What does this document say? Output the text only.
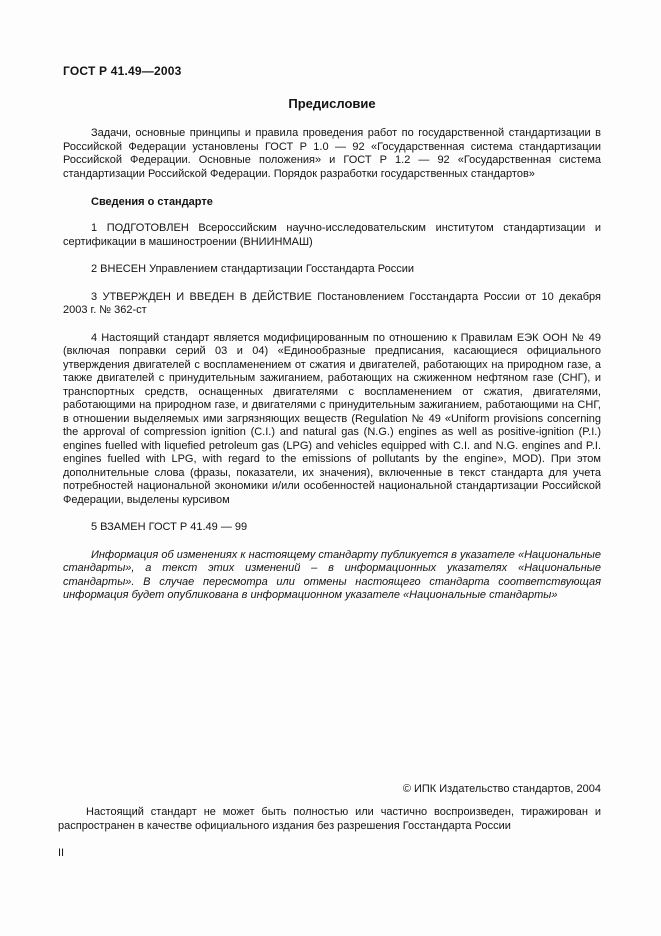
ГОСТ Р 41.49—2003
Предисловие

Задачи, основные принципы и правила проведения работ по государственной стандартизации в Российской Федерации установлены ГОСТ Р 1.0 — 92 «Государственная система стандартизации Российской Федерации. Основные положения» и ГОСТ Р 1.2 — 92 «Государственная система стандартизации Российской Федерации. Порядок разработки государственных стандартов»

Сведения о стандарте

1 ПОДГОТОВЛЕН Всероссийским научно-исследовательским институтом стандартизации и сертификации в машиностроении (ВНИИНМАШ)

2 ВНЕСЕН Управлением стандартизации Госстандарта России

3 УТВЕРЖДЕН И ВВЕДЕН В ДЕЙСТВИЕ Постановлением Госстандарта России от 10 декабря 2003 г. № 362-ст

4 Настоящий стандарт является модифицированным по отношению к Правилам ЕЭК ООН № 49 (включая поправки серий 03 и 04) «Единообразные предписания, касающиеся официального утверждения двигателей с воспламенением от сжатия и двигателей, работающих на природном газе, а также двигателей с принудительным зажиганием, работающих на сжиженном нефтяном газе (СНГ), и транспортных средств, оснащенных двигателями с воспламенением от сжатия, двигателями, работающими на природном газе, и двигателями с принудительным зажиганием, работающими на СНГ, в отношении выделяемых ими загрязняющих веществ (Regulation № 49 «Uniform provisions concerning the approval of compression ignition (C.I.) and natural gas (N.G.) engines as well as positive-ignition (P.I.) engines fuelled with liquefied petroleum gas (LPG) and vehicles equipped with C.I. and N.G. engines and P.I. engines fuelled with LPG, with regard to the emissions of pollutants by the engine», MOD). При этом дополнительные слова (фразы, показатели, их значения), включенные в текст стандарта для учета потребностей национальной экономики и/или особенностей национальной стандартизации Российской Федерации, выделены курсивом

5 ВЗАМЕН ГОСТ Р 41.49 — 99

Информация об изменениях к настоящему стандарту публикуется в указателе «Национальные стандарты», а текст этих изменений – в информационных указателях «Национальные стандарты». В случае пересмотра или отмены настоящего стандарта соответствующая информация будет опубликована в информационном указателе «Национальные стандарты»

© ИПК Издательство стандартов, 2004

Настоящий стандарт не может быть полностью или частично воспроизведен, тиражирован и распространен в качестве официального издания без разрешения Госстандарта России

II
